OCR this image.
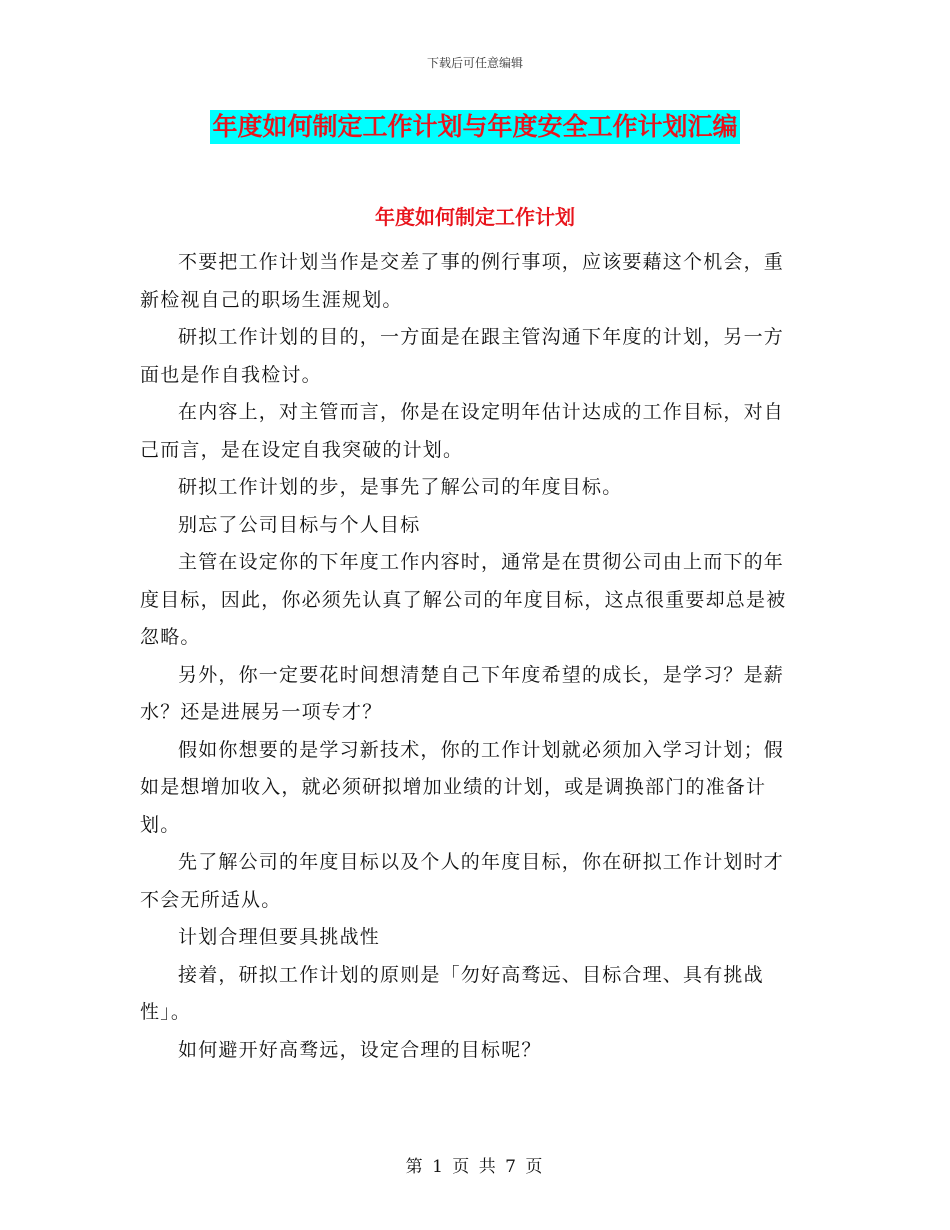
下载后可任意编辑
年度如何制定工作计划与年度安全工作计划汇编
年度如何制定工作计划

不要把工作计划当作是交差了事的例行事项，应该要藉这个机会，重新检视自己的职场生涯规划。

研拟工作计划的目的，一方面是在跟主管沟通下年度的计划，另一方面也是作自我检讨。

在内容上，对主管而言，你是在设定明年估计达成的工作目标，对自己而言，是在设定自我突破的计划。

研拟工作计划的步，是事先了解公司的年度目标。

别忘了公司目标与个人目标

主管在设定你的下年度工作内容时，通常是在贯彻公司由上而下的年度目标，因此，你必须先认真了解公司的年度目标，这点很重要却总是被忽略。

另外，你一定要花时间想清楚自己下年度希望的成长，是学习？是薪水？还是进展另一项专才？

假如你想要的是学习新技术，你的工作计划就必须加入学习计划；假如是想增加收入，就必须研拟增加业绩的计划，或是调换部门的准备计划。

先了解公司的年度目标以及个人的年度目标，你在研拟工作计划时才不会无所适从。

计划合理但要具挑战性

接着，研拟工作计划的原则是「勿好高骛远、目标合理、具有挑战性」。

如何避开好高骛远，设定合理的目标呢？

第 1 页 共 7 页
